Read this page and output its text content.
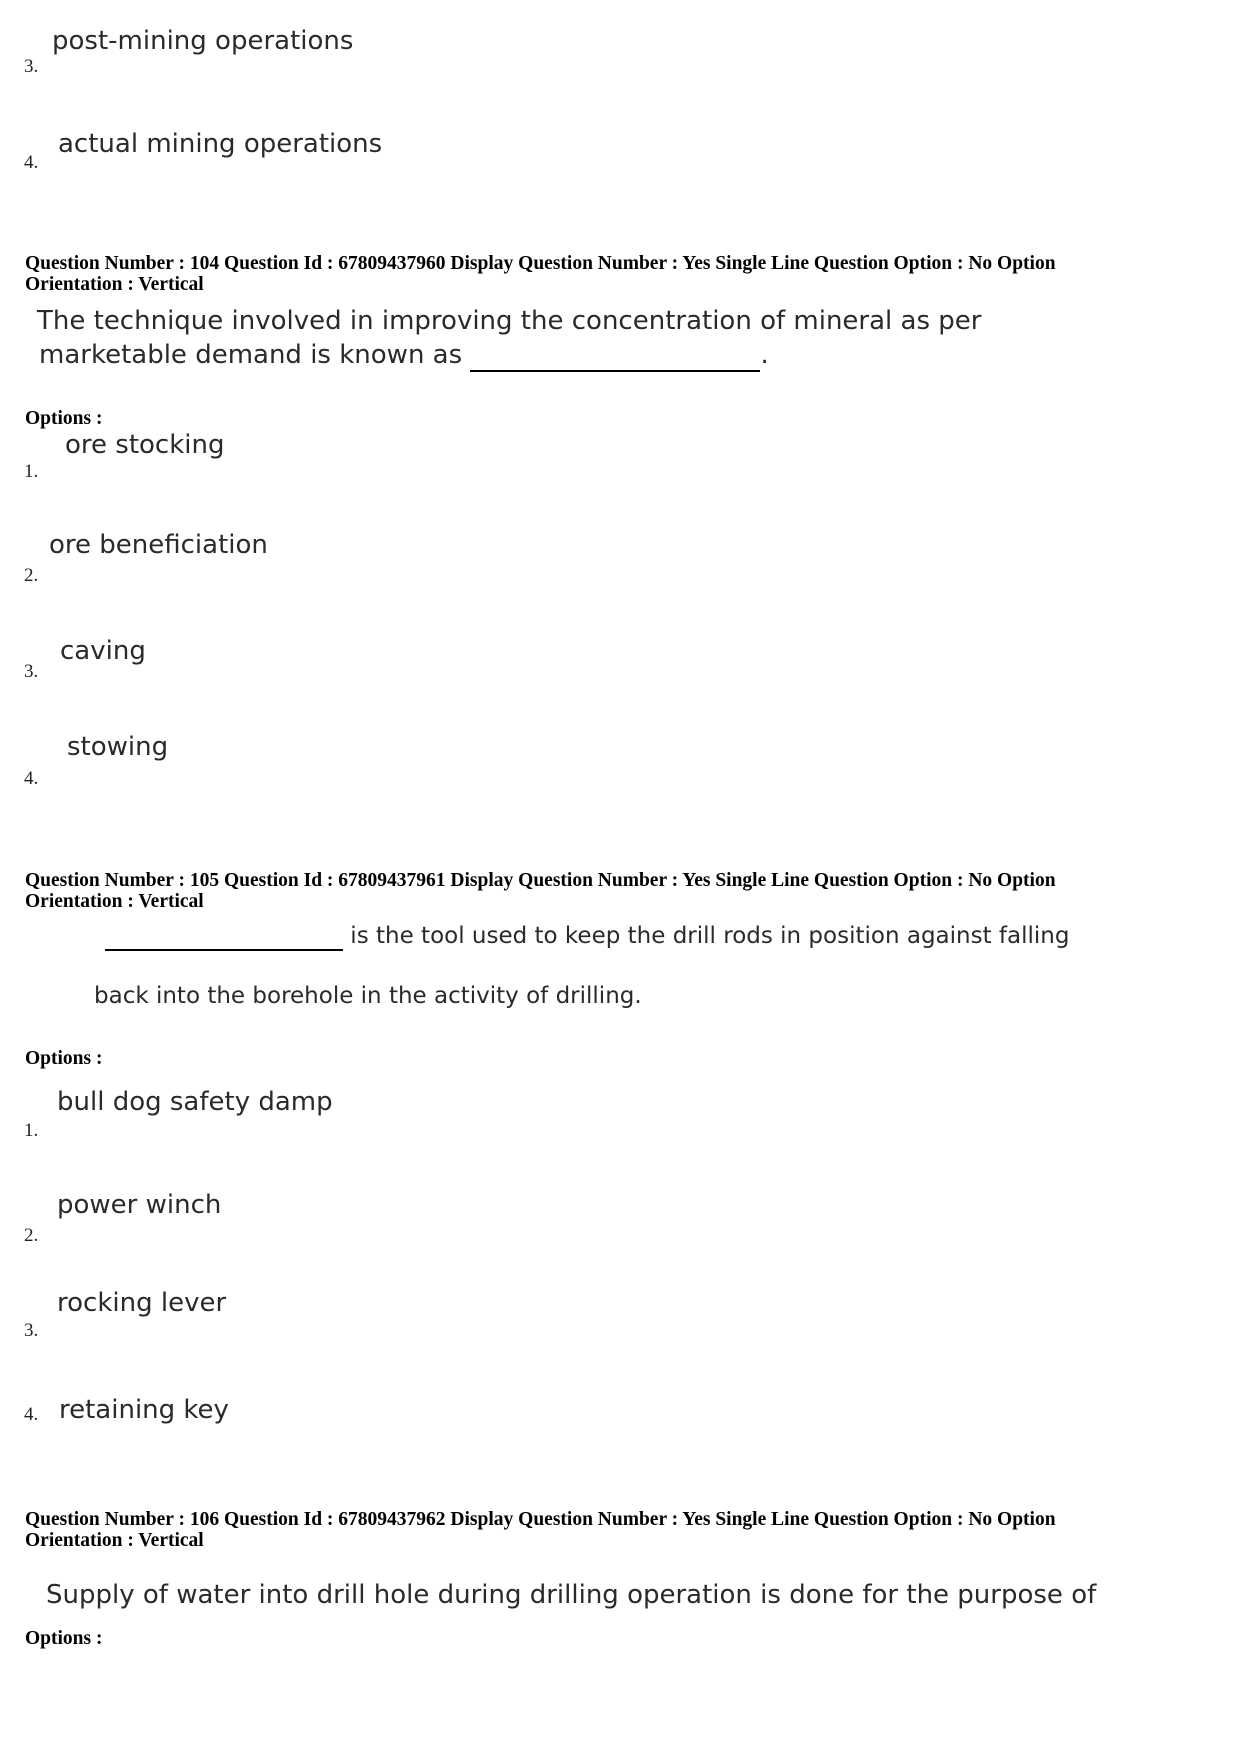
post-mining operations
3.
actual mining operations
4.
Question Number : 104 Question Id : 67809437960 Display Question Number : Yes Single Line Question Option : No Option
Orientation : Vertical
The technique involved in improving the concentration of mineral as per
marketable demand is known as	.
Options :
ore stocking
1.
ore beneficiation
2.
caving
3.
stowing
4.
Question Number : 105 Question Id : 67809437961 Display Question Number : Yes Single Line Question Option : No Option
Orientation : Vertical
is the tool used to keep the drill rods in position against falling
back into the borehole in the activity of drilling.
Options :
bull dog safety damp
1.
power winch
2.
rocking lever
3.
retaining key
4.
Question Number : 106 Question Id : 67809437962 Display Question Number : Yes Single Line Question Option : No Option
Orientation : Vertical
Supply of water into drill hole during drilling operation is done for the purpose of
Options :
